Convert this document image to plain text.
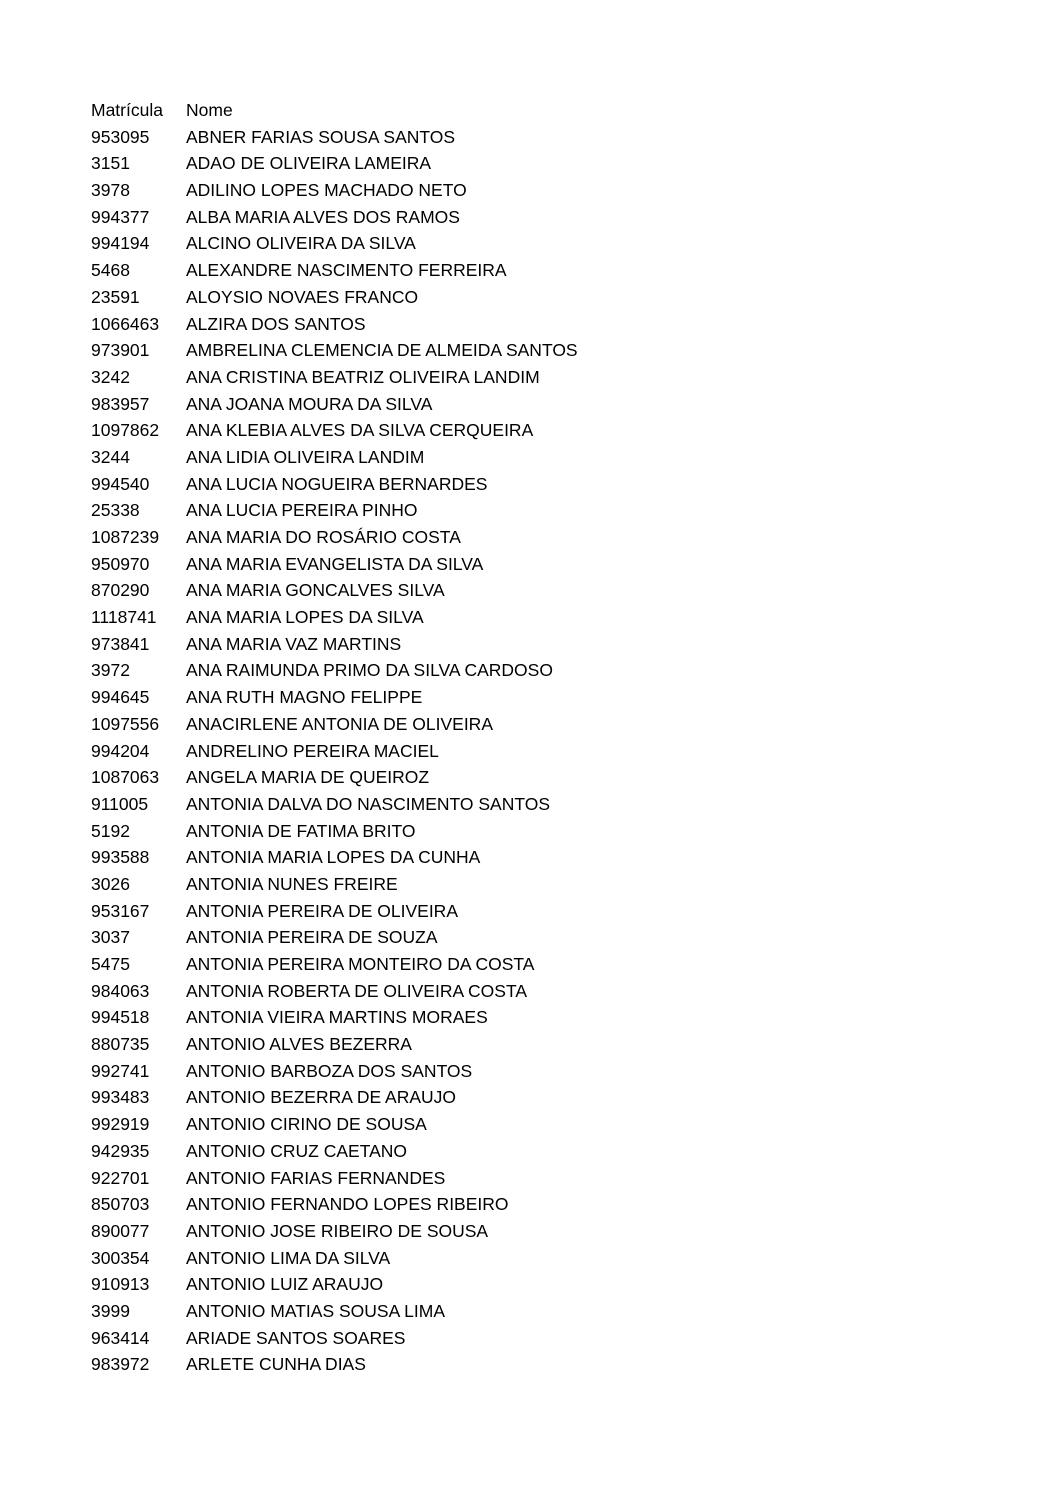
Matrícula	Nome
953095	ABNER FARIAS SOUSA SANTOS
3151	ADAO DE OLIVEIRA LAMEIRA
3978	ADILINO LOPES MACHADO NETO
994377	ALBA MARIA ALVES DOS RAMOS
994194	ALCINO OLIVEIRA DA SILVA
5468	ALEXANDRE NASCIMENTO FERREIRA
23591	ALOYSIO NOVAES FRANCO
1066463	ALZIRA DOS SANTOS
973901	AMBRELINA CLEMENCIA DE ALMEIDA SANTOS
3242	ANA CRISTINA BEATRIZ OLIVEIRA LANDIM
983957	ANA JOANA MOURA DA SILVA
1097862	ANA KLEBIA ALVES DA SILVA CERQUEIRA
3244	ANA LIDIA OLIVEIRA LANDIM
994540	ANA LUCIA NOGUEIRA BERNARDES
25338	ANA LUCIA PEREIRA PINHO
1087239	ANA MARIA DO ROSÁRIO COSTA
950970	ANA MARIA EVANGELISTA DA SILVA
870290	ANA MARIA GONCALVES SILVA
1118741	ANA MARIA LOPES DA SILVA
973841	ANA MARIA VAZ MARTINS
3972	ANA RAIMUNDA PRIMO DA SILVA CARDOSO
994645	ANA RUTH MAGNO FELIPPE
1097556	ANACIRLENE ANTONIA DE OLIVEIRA
994204	ANDRELINO PEREIRA MACIEL
1087063	ANGELA MARIA DE QUEIROZ
911005	ANTONIA DALVA DO NASCIMENTO SANTOS
5192	ANTONIA DE FATIMA BRITO
993588	ANTONIA MARIA LOPES DA CUNHA
3026	ANTONIA NUNES FREIRE
953167	ANTONIA PEREIRA DE OLIVEIRA
3037	ANTONIA PEREIRA DE SOUZA
5475	ANTONIA PEREIRA MONTEIRO DA COSTA
984063	ANTONIA ROBERTA DE OLIVEIRA COSTA
994518	ANTONIA VIEIRA MARTINS MORAES
880735	ANTONIO ALVES BEZERRA
992741	ANTONIO BARBOZA DOS SANTOS
993483	ANTONIO BEZERRA DE ARAUJO
992919	ANTONIO CIRINO DE SOUSA
942935	ANTONIO CRUZ CAETANO
922701	ANTONIO FARIAS FERNANDES
850703	ANTONIO FERNANDO LOPES RIBEIRO
890077	ANTONIO JOSE RIBEIRO DE SOUSA
300354	ANTONIO LIMA DA SILVA
910913	ANTONIO LUIZ ARAUJO
3999	ANTONIO MATIAS SOUSA LIMA
963414	ARIADE SANTOS SOARES
983972	ARLETE CUNHA DIAS
